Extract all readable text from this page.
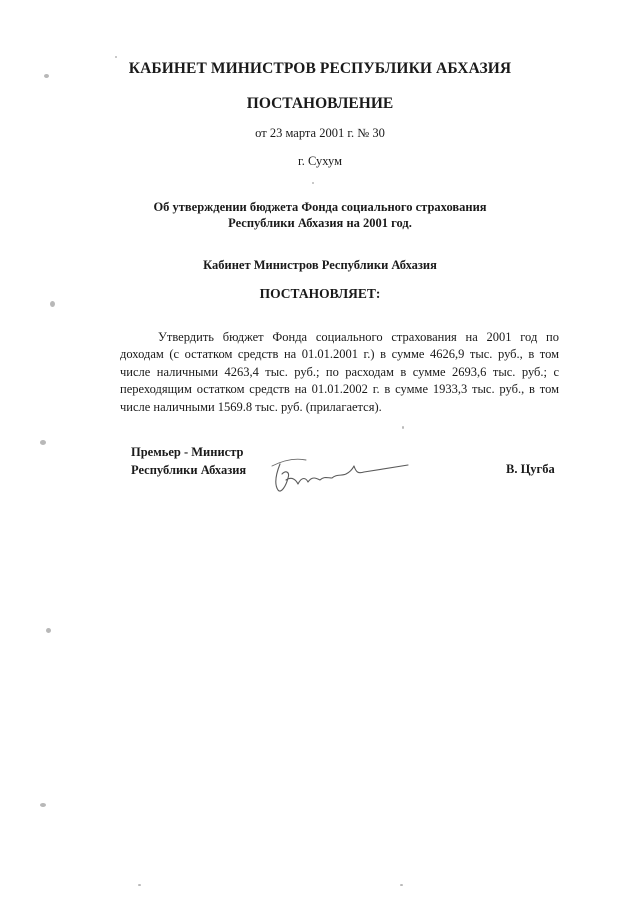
КАБИНЕТ МИНИСТРОВ РЕСПУБЛИКИ АБХАЗИЯ
ПОСТАНОВЛЕНИЕ
от 23 марта 2001 г. № 30
г. Сухум
Об утверждении бюджета Фонда социального страхования
Республики Абхазия на 2001 год.
Кабинет Министров Республики Абхазия
ПОСТАНОВЛЯЕТ:
Утвердить бюджет Фонда социального страхования на 2001 год по доходам (с остатком средств на 01.01.2001 г.) в сумме 4626,9 тыс. руб., в том числе наличными 4263,4 тыс. руб.; по расходам в сумме 2693,6 тыс. руб.; с переходящим остатком средств на 01.01.2002 г. в сумме 1933,3 тыс. руб., в том числе наличными 1569.8 тыс. руб. (прилагается).
Премьер - Министр
Республики Абхазия	В. Цугба
